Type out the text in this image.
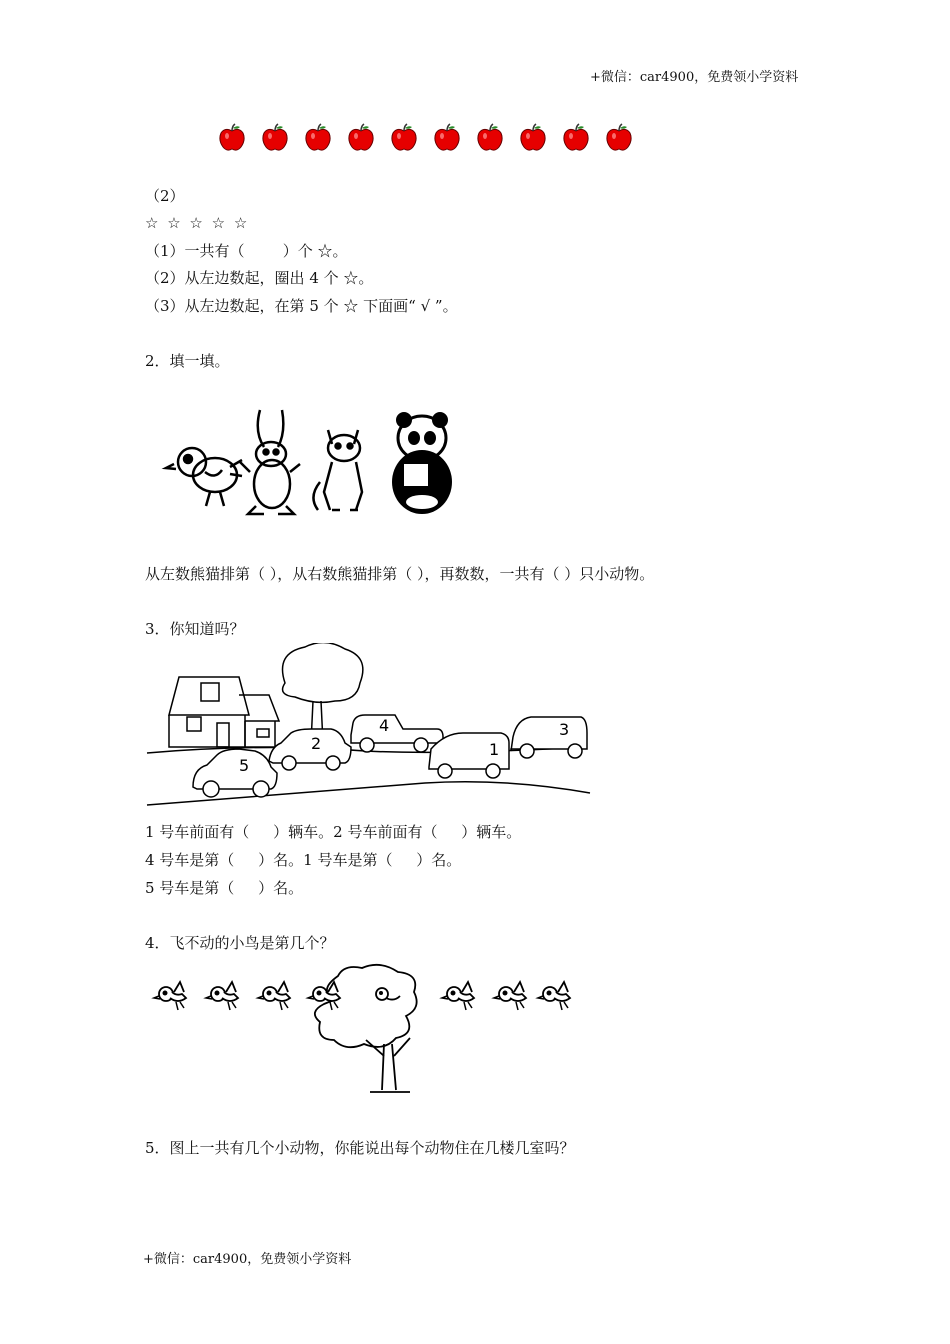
+微信：car4900，免费领小学资料
（2）
☆ ☆ ☆ ☆ ☆
（1）一共有（        ）个 ☆。
（2）从左边数起，圈出 4 个 ☆。
（3）从左边数起，在第 5 个 ☆ 下面画“ √ ”。
2．填一填。
从左数熊猫排第（ ），从右数熊猫排第（ ），再数数，一共有（ ）只小动物。
3．你知道吗？
4
2
5
1
3
1 号车前面有（     ）辆车。2 号车前面有（     ）辆车。
4 号车是第（     ）名。1 号车是第（     ）名。
5 号车是第（     ）名。
4．飞不动的小鸟是第几个？
5．图上一共有几个小动物，你能说出每个动物住在几楼几室吗？
+微信：car4900，免费领小学资料
